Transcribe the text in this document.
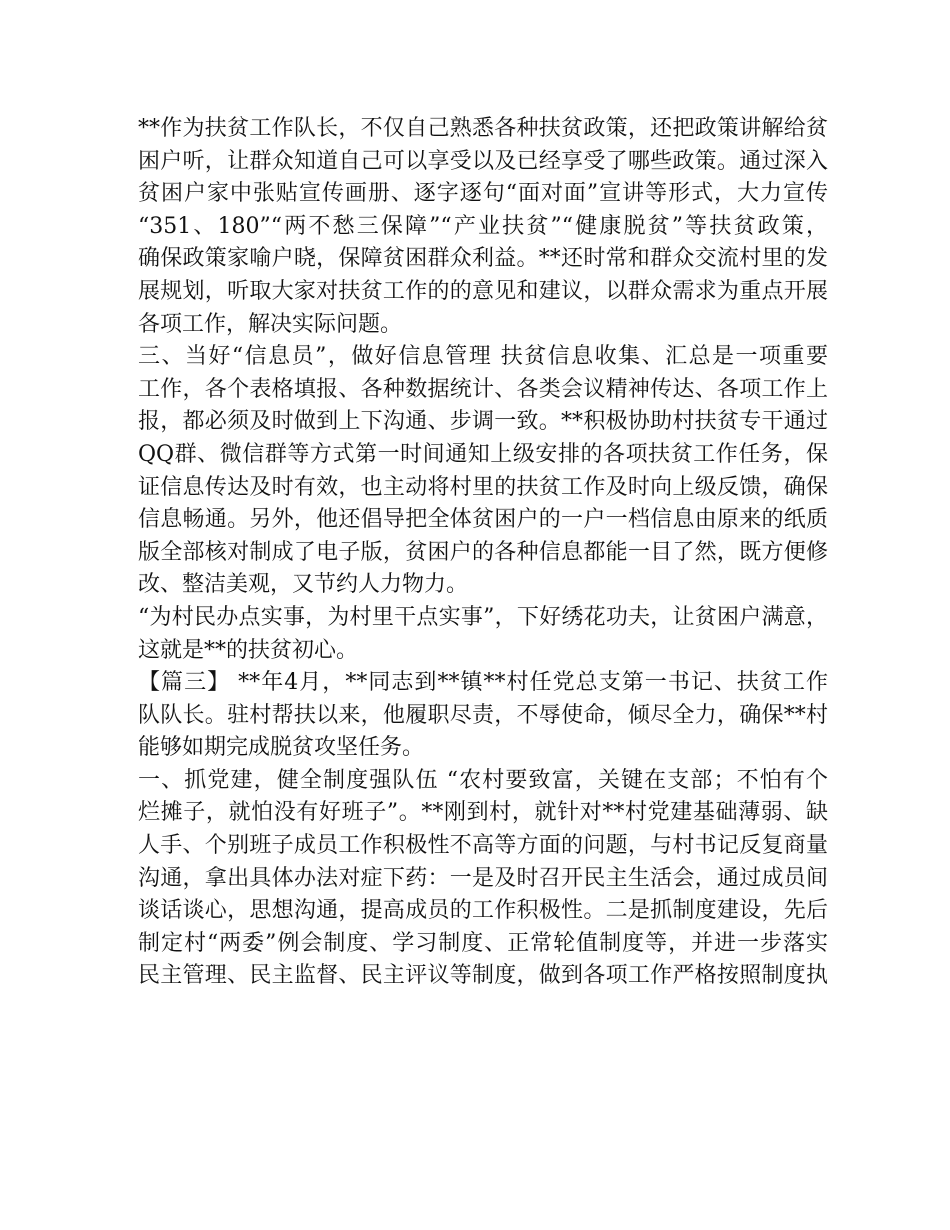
**作为扶贫工作队长，不仅自己熟悉各种扶贫政策，还把政策讲解给贫
困户听，让群众知道自己可以享受以及已经享受了哪些政策。通过深入
贫困户家中张贴宣传画册、逐字逐句“面对面”宣讲等形式，大力宣传
“351、180”“两不愁三保障”“产业扶贫”“健康脱贫”等扶贫政策，
确保政策家喻户晓，保障贫困群众利益。**还时常和群众交流村里的发
展规划，听取大家对扶贫工作的的意见和建议，以群众需求为重点开展
各项工作，解决实际问题。
三、当好“信息员”，做好信息管理 扶贫信息收集、汇总是一项重要
工作，各个表格填报、各种数据统计、各类会议精神传达、各项工作上
报，都必须及时做到上下沟通、步调一致。**积极协助村扶贫专干通过
QQ群、微信群等方式第一时间通知上级安排的各项扶贫工作任务，保
证信息传达及时有效，也主动将村里的扶贫工作及时向上级反馈，确保
信息畅通。另外，他还倡导把全体贫困户的一户一档信息由原来的纸质
版全部核对制成了电子版，贫困户的各种信息都能一目了然，既方便修
改、整洁美观，又节约人力物力。
“为村民办点实事，为村里干点实事”，下好绣花功夫，让贫困户满意，
这就是**的扶贫初心。
【篇三】 **年4月，**同志到**镇**村任党总支第一书记、扶贫工作
队队长。驻村帮扶以来，他履职尽责，不辱使命，倾尽全力，确保**村
能够如期完成脱贫攻坚任务。
一、抓党建，健全制度强队伍 “农村要致富，关键在支部；不怕有个
烂摊子，就怕没有好班子”。**刚到村，就针对**村党建基础薄弱、缺
人手、个别班子成员工作积极性不高等方面的问题，与村书记反复商量
沟通，拿出具体办法对症下药：一是及时召开民主生活会，通过成员间
谈话谈心，思想沟通，提高成员的工作积极性。二是抓制度建设，先后
制定村“两委”例会制度、学习制度、正常轮值制度等，并进一步落实
民主管理、民主监督、民主评议等制度，做到各项工作严格按照制度执
